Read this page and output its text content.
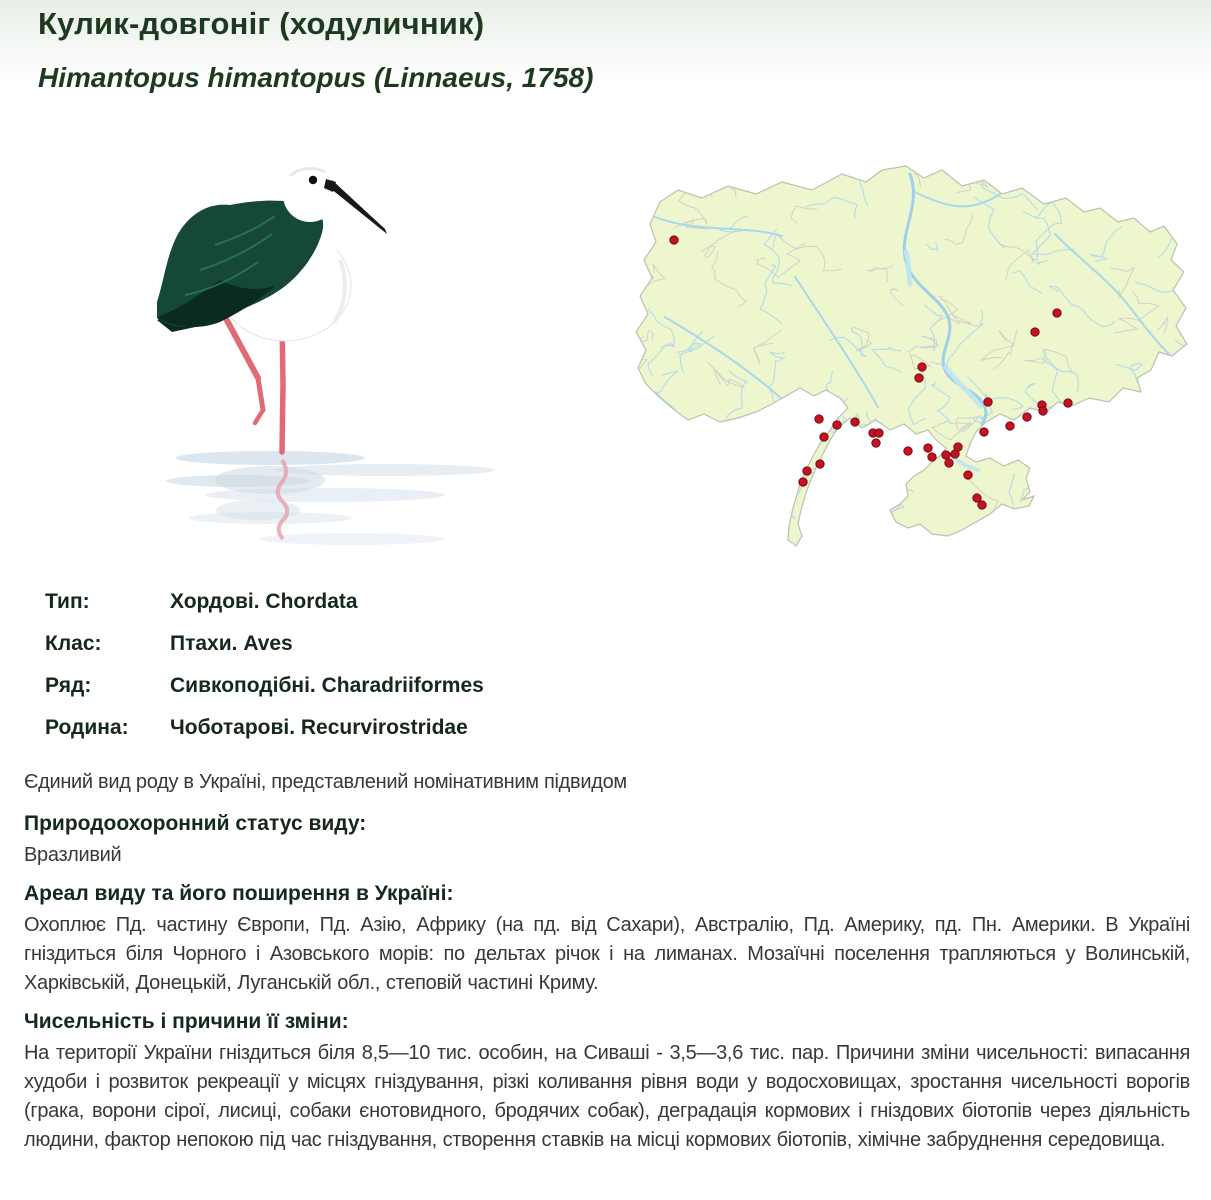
Кулик-довгоніг (ходуличник)
Himantopus himantopus (Linnaeus, 1758)
Тип:	Хордові. Chordata
Клас:	Птахи. Aves
Ряд:	Сивкоподібні. Charadriiformes
Родина:	Чоботарові. Recurvirostridae

Єдиний вид роду в Україні, представлений номінативним підвидом

Природоохоронний статус виду:

Вразливий

Ареал виду та його поширення в Україні:

Охоплює Пд. частину Європи, Пд. Азію, Африку (на пд. від Сахари), Австралію, Пд. Америку, пд. Пн. Америки. В Україні гніздиться біля Чорного і Азовського морів: по дельтах річок і на лиманах. Мозаїчні поселення трапляються у Волинській, Харківській, Донецькій, Луганській обл., степовій частині Криму.

Чисельність і причини її зміни:

На території України гніздиться біля 8,5—10 тис. особин, на Сиваші - 3,5—3,6 тис. пар. Причини зміни чисельності: випасання худоби і розвиток рекреації у місцях гніздування, різкі коливання рівня води у водосховищах, зростання чисельності ворогів (грака, ворони сірої, лисиці, собаки єнотовидного, бродячих собак), деградація кормових і гніздових біотопів через діяльність людини, фактор непокою під час гніздування, створення ставків на місці кормових біотопів, хімічне забруднення середовища.
